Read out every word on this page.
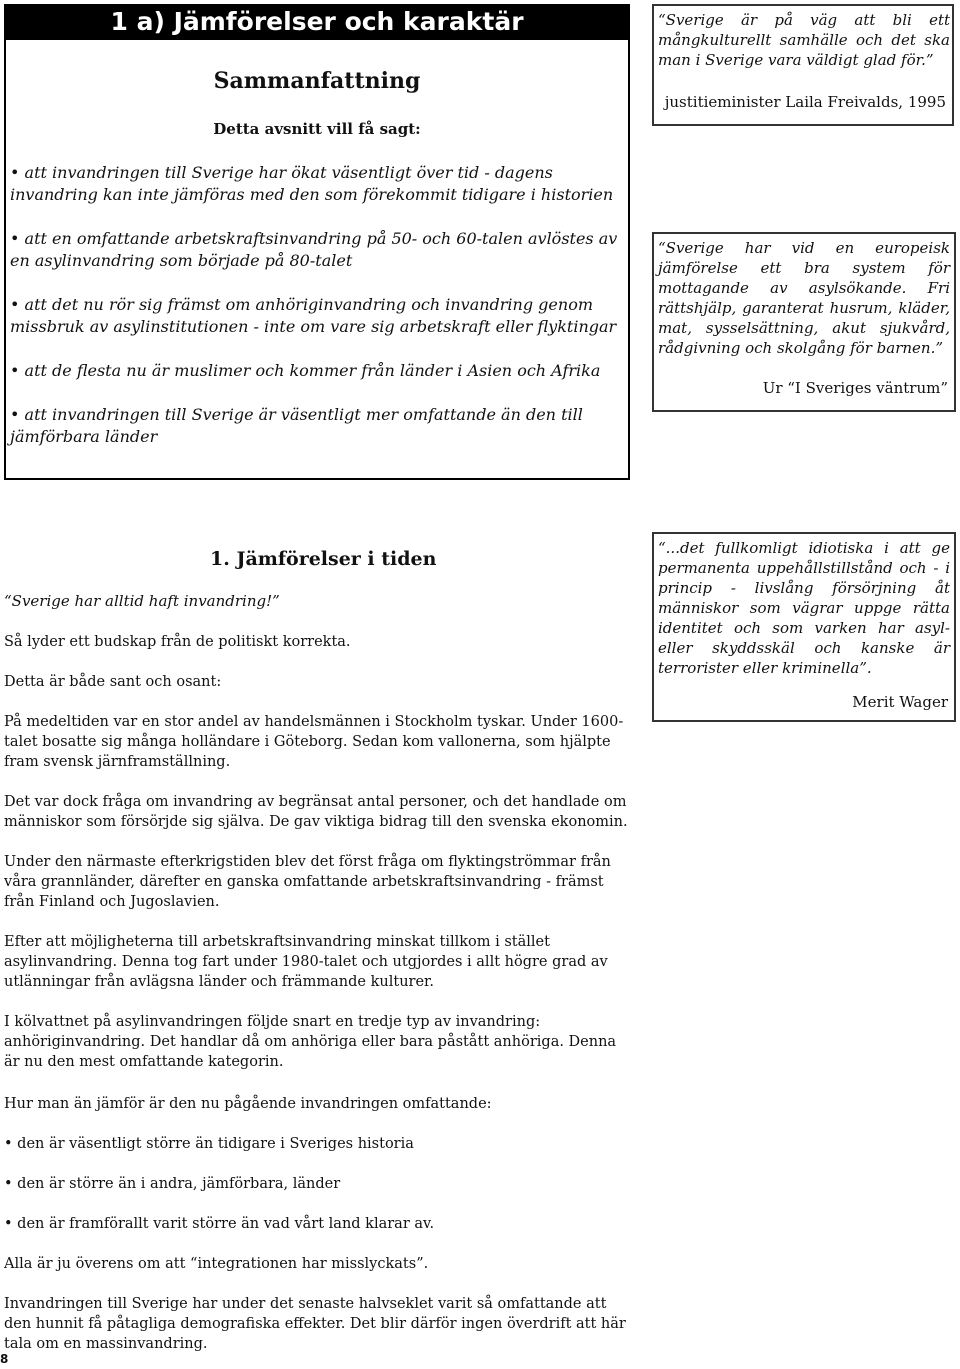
1 a) Jämförelser och karaktär
Sammanfattning
Detta avsnitt vill få sagt:
• att invandringen till Sverige har ökat väsentligt över tid - dagens invandring kan inte jämföras med den som förekommit tidigare i historien
• att en omfattande arbetskraftsinvandring på 50- och 60-talen avlöstes av en asylinvandring som började på 80-talet
• att det nu rör sig främst om anhöriginvandring och invandring genom missbruk av asylinstitutionen - inte om vare sig arbetskraft eller flyktingar
• att de flesta nu är muslimer och kommer från länder i Asien och Afrika
• att invandringen till Sverige är väsentligt mer omfattande än den till jämförbara länder
“Sverige är på väg att bli ett mångkulturellt samhälle och det ska man i Sverige vara väldigt glad för.”
justitieminister Laila Freivalds, 1995
“Sverige har vid en europeisk jämförelse ett bra system för mottagande av asylsökande. Fri rättshjälp, garanterat husrum, kläder, mat, sysselsättning, akut sjukvård, rådgivning och skolgång för barnen.”
Ur “I Sveriges väntrum”
“...det fullkomligt idiotiska i att ge permanenta uppehållstillstånd och - i princip - livslång försörjning åt människor som vägrar uppge rätta identitet och som varken har asyl- eller skyddsskäl och kanske är terrorister eller kriminella”.
Merit Wager
1. Jämförelser i tiden
“Sverige har alltid haft invandring!”
Så lyder ett budskap från de politiskt korrekta.
Detta är både sant och osant:
På medeltiden var en stor andel av handelsmännen i Stockholm tyskar. Under 1600-talet bosatte sig många holländare i Göteborg. Sedan kom vallonerna, som hjälpte fram svensk järnframställning.
Det var dock fråga om invandring av begränsat antal personer, och det handlade om människor som försörjde sig själva. De gav viktiga bidrag till den svenska ekonomin.
Under den närmaste efterkrigstiden blev det först fråga om flyktingströmmar från våra grannländer, därefter en ganska omfattande arbetskraftsinvandring - främst från Finland och Jugoslavien.
Efter att möjligheterna till arbetskraftsinvandring minskat tillkom i stället asylinvandring. Denna tog fart under 1980-talet och utgjordes i allt högre grad av utlänningar från avlägsna länder och främmande kulturer.
I kölvattnet på asylinvandringen följde snart en tredje typ av invandring: anhöriginvandring. Det handlar då om anhöriga eller bara påstått anhöriga. Denna är nu den mest omfattande kategorin.
Hur man än jämför är den nu pågående invandringen omfattande:
• den är väsentligt större än tidigare i Sveriges historia
• den är större än i andra, jämförbara, länder
• den är framförallt varit större än vad vårt land klarar av.
Alla är ju överens om att “integrationen har misslyckats”.
Invandringen till Sverige har under det senaste halvseklet varit så omfattande att den hunnit få påtagliga demografiska effekter. Det blir därför ingen överdrift att här tala om en massinvandring.
8
